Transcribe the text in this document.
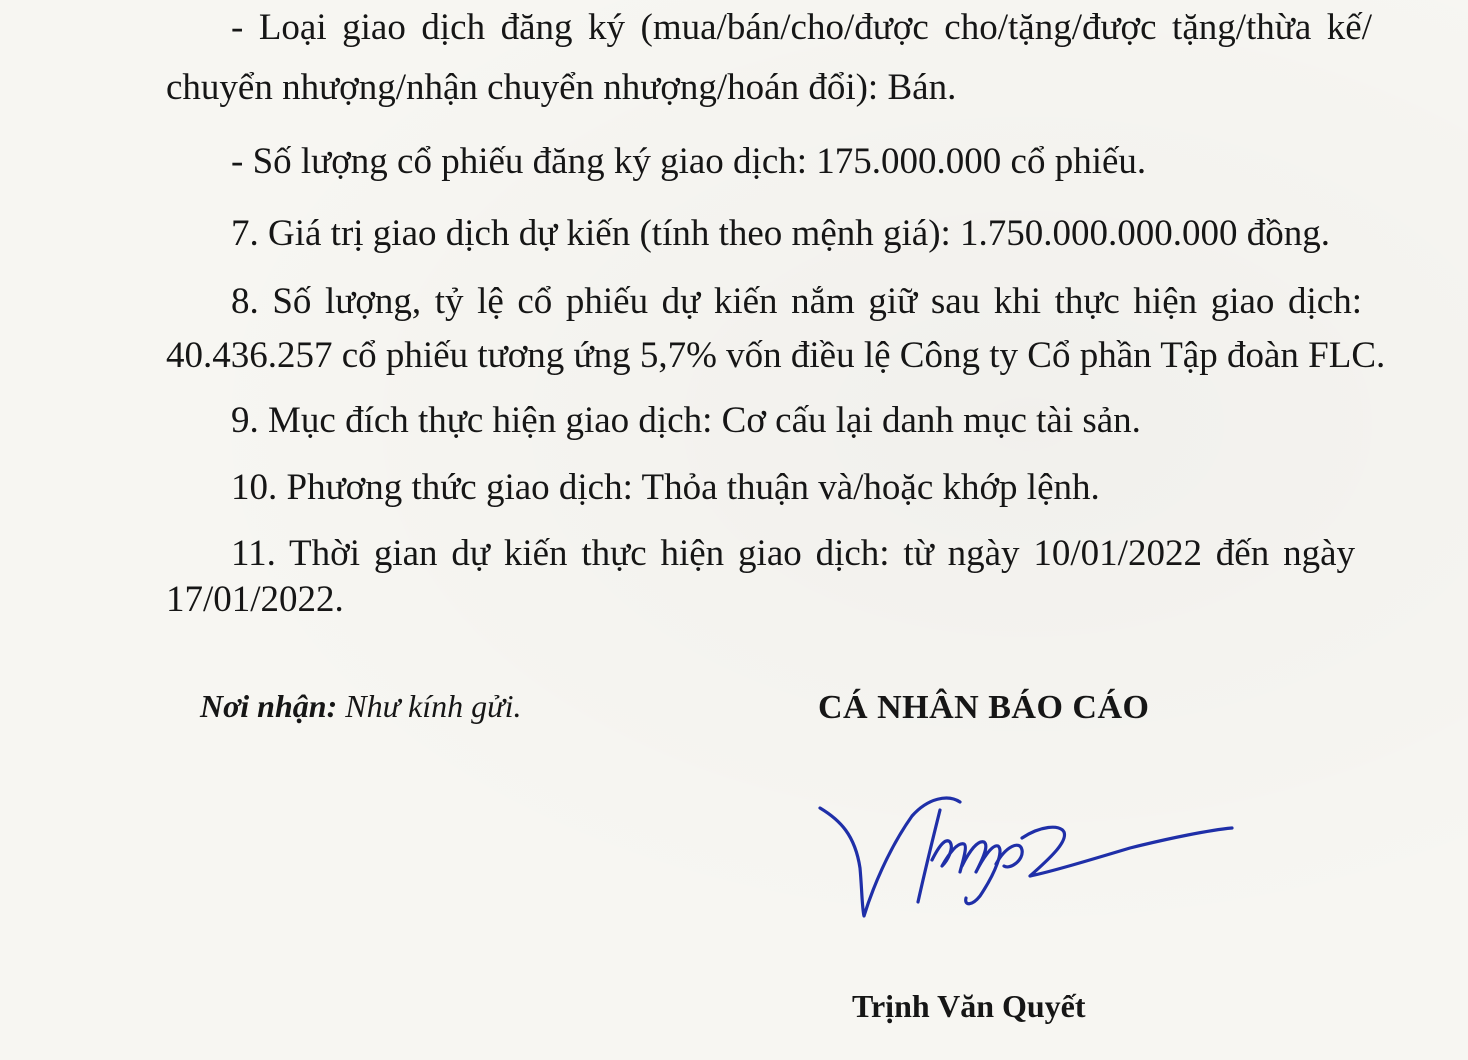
- Loại giao dịch đăng ký (mua/bán/cho/được cho/tặng/được tặng/thừa kế/
chuyển nhượng/nhận chuyển nhượng/hoán đổi): Bán.
- Số lượng cổ phiếu đăng ký giao dịch: 175.000.000 cổ phiếu.
7. Giá trị giao dịch dự kiến (tính theo mệnh giá): 1.750.000.000.000 đồng.
8. Số lượng, tỷ lệ cổ phiếu dự kiến nắm giữ sau khi thực hiện giao dịch:
40.436.257 cổ phiếu tương ứng 5,7% vốn điều lệ Công ty Cổ phần Tập đoàn FLC.
9. Mục đích thực hiện giao dịch: Cơ cấu lại danh mục tài sản.
10. Phương thức giao dịch: Thỏa thuận và/hoặc khớp lệnh.
11. Thời gian dự kiến thực hiện giao dịch: từ ngày 10/01/2022 đến ngày
17/01/2022.
Nơi nhận: Như kính gửi.	CÁ NHÂN BÁO CÁO
Trịnh Văn Quyết
